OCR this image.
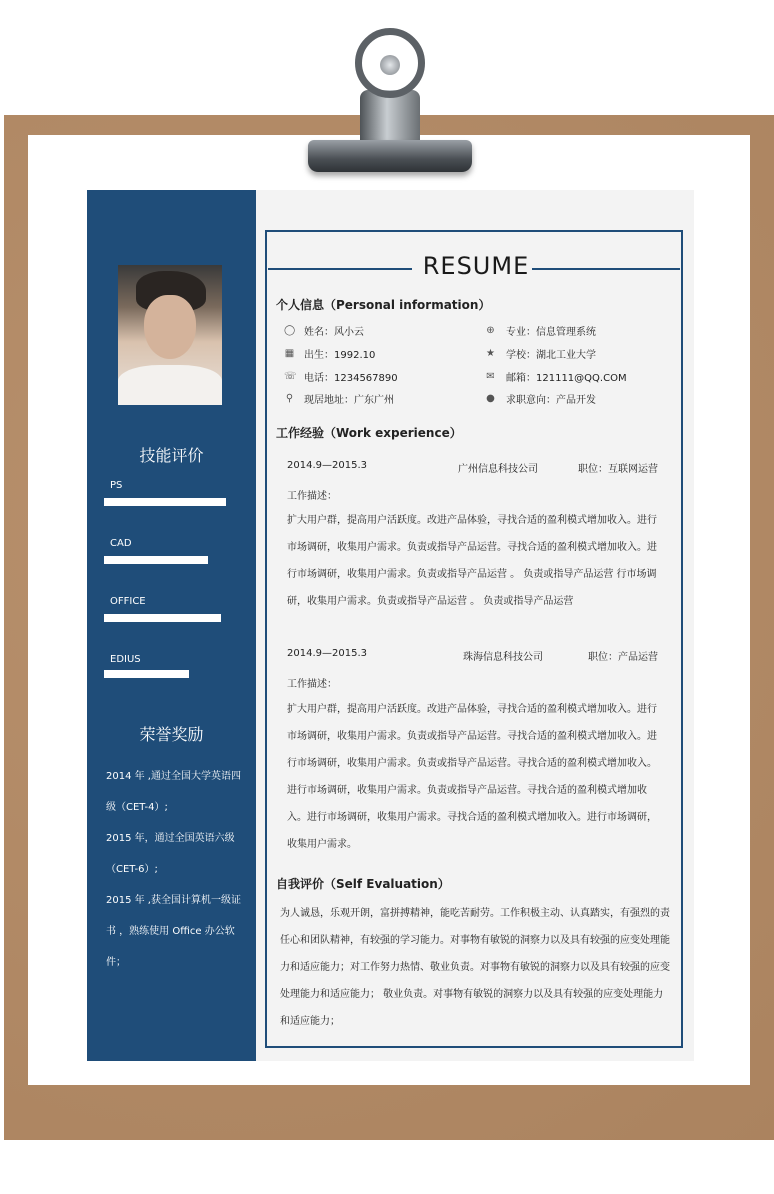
技能评价
PS
CAD
OFFICE
EDIUS
荣誉奖励
2014 年 ,通过全国大学英语四级（CET-4）;
2015 年，通过全国英语六级（CET-6）;
2015 年 ,获全国计算机一级证书 ，熟练使用 Office 办公软件；
RESUME
个人信息（Personal information）
◯ 姓名：风小云	⊕ 专业：信息管理系统
▦ 出生：1992.10	★ 学校：湖北工业大学
☏ 电话：1234567890	✉ 邮箱：121111@QQ.COM
⚲ 现居地址：广东广州	● 求职意向：产品开发
工作经验（Work experience）
2014.9—2015.3	广州信息科技公司	职位：互联网运营
工作描述：
扩大用户群，提高用户活跃度。改进产品体验，寻找合适的盈利模式增加收入。进行市场调研，收集用户需求。负责或指导产品运营。寻找合适的盈利模式增加收入。进行市场调研，收集用户需求。负责或指导产品运营 。 负责或指导产品运营 行市场调研，收集用户需求。负责或指导产品运营 。 负责或指导产品运营
2014.9—2015.3	珠海信息科技公司	职位：产品运营
工作描述：
扩大用户群，提高用户活跃度。改进产品体验，寻找合适的盈利模式增加收入。进行市场调研，收集用户需求。负责或指导产品运营。寻找合适的盈利模式增加收入。进行市场调研，收集用户需求。负责或指导产品运营。寻找合适的盈利模式增加收入。进行市场调研，收集用户需求。负责或指导产品运营。寻找合适的盈利模式增加收入。进行市场调研，收集用户需求。寻找合适的盈利模式增加收入。进行市场调研，收集用户需求。
自我评价（Self Evaluation）
为人诚恳，乐观开朗，富拼搏精神，能吃苦耐劳。工作积极主动、认真踏实，有强烈的责任心和团队精神，有较强的学习能力。对事物有敏锐的洞察力以及具有较强的应变处理能力和适应能力；对工作努力热情、敬业负责。对事物有敏锐的洞察力以及具有较强的应变处理能力和适应能力； 敬业负责。对事物有敏锐的洞察力以及具有较强的应变处理能力和适应能力；
